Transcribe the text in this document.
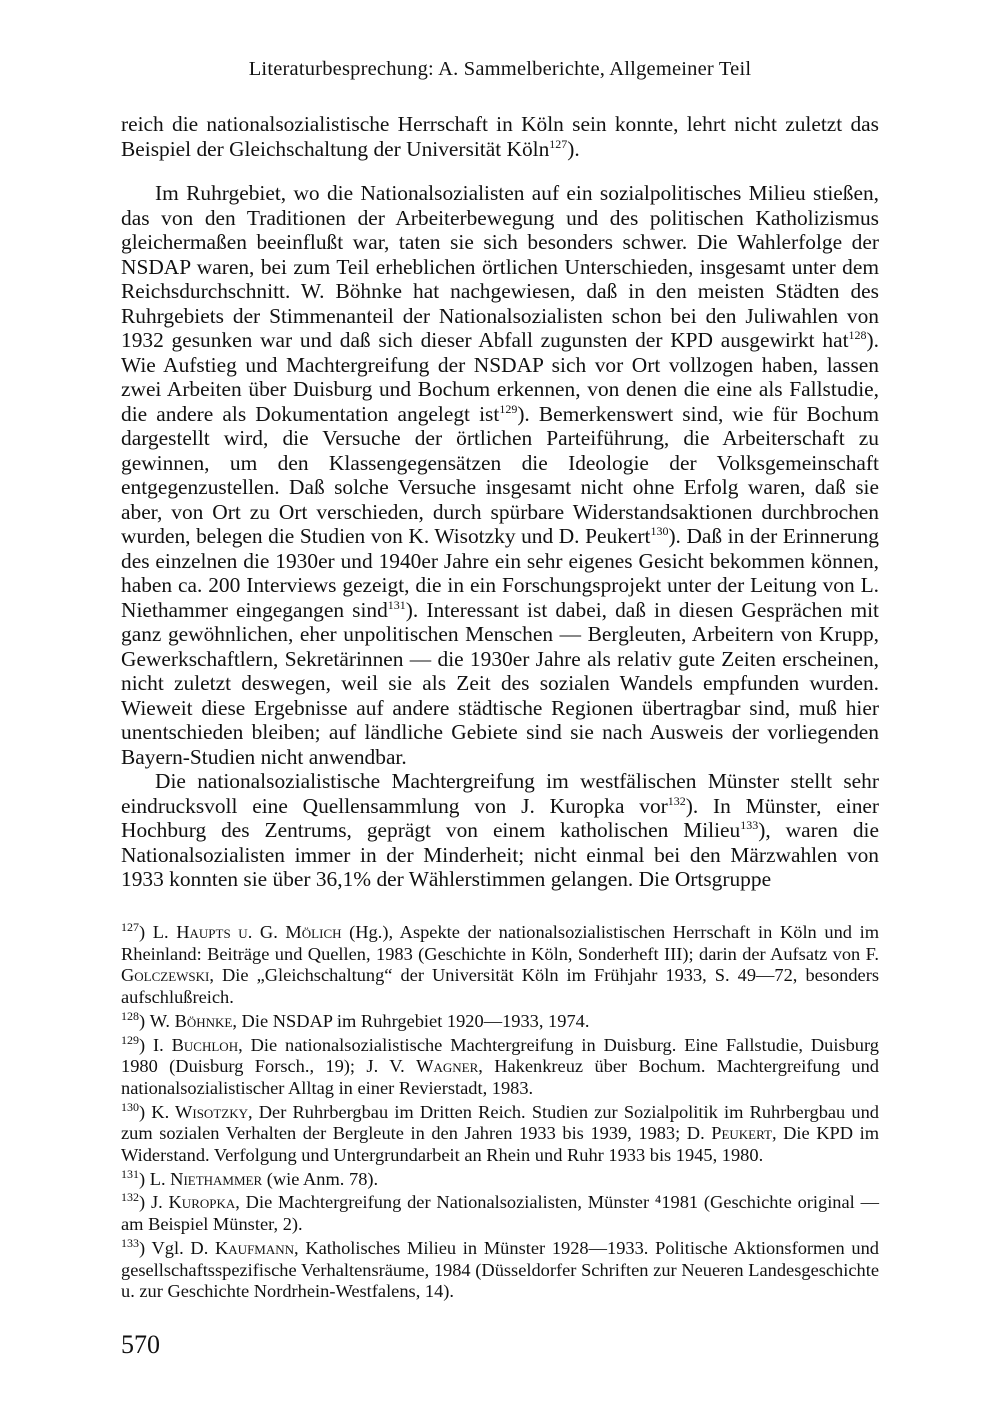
Literaturbesprechung: A. Sammelberichte, Allgemeiner Teil

reich die nationalsozialistische Herrschaft in Köln sein konnte, lehrt nicht zuletzt das Beispiel der Gleichschaltung der Universität Köln$^{127}$).

Im Ruhrgebiet, wo die Nationalsozialisten auf ein sozialpolitisches Milieu stießen, das von den Traditionen der Arbeiterbewegung und des politischen Katholizismus gleichermaßen beeinflußt war, taten sie sich besonders schwer. Die Wahlerfolge der NSDAP waren, bei zum Teil erheblichen örtlichen Unterschieden, insgesamt unter dem Reichsdurchschnitt. W. Böhnke hat nachgewiesen, daß in den meisten Städten des Ruhrgebiets der Stimmenanteil der Nationalsozialisten schon bei den Juliwahlen von 1932 gesunken war und daß sich dieser Abfall zugunsten der KPD ausgewirkt hat$^{128}$). Wie Aufstieg und Machtergreifung der NSDAP sich vor Ort vollzogen haben, lassen zwei Arbeiten über Duisburg und Bochum erkennen, von denen die eine als Fallstudie, die andere als Dokumentation angelegt ist$^{129}$). Bemerkenswert sind, wie für Bochum dargestellt wird, die Versuche der örtlichen Parteiführung, die Arbeiterschaft zu gewinnen, um den Klassengegensätzen die Ideologie der Volksgemeinschaft entgegenzustellen. Daß solche Versuche insgesamt nicht ohne Erfolg waren, daß sie aber, von Ort zu Ort verschieden, durch spürbare Widerstandsaktionen durchbrochen wurden, belegen die Studien von K. Wisotzky und D. Peukert$^{130}$). Daß in der Erinnerung des einzelnen die 1930er und 1940er Jahre ein sehr eigenes Gesicht bekommen können, haben ca. 200 Interviews gezeigt, die in ein Forschungsprojekt unter der Leitung von L. Niethammer eingegangen sind$^{131}$). Interessant ist dabei, daß in diesen Gesprächen mit ganz gewöhnlichen, eher unpolitischen Menschen — Bergleuten, Arbeitern von Krupp, Gewerkschaftlern, Sekretärinnen — die 1930er Jahre als relativ gute Zeiten erscheinen, nicht zuletzt deswegen, weil sie als Zeit des sozialen Wandels empfunden wurden. Wieweit diese Ergebnisse auf andere städtische Regionen übertragbar sind, muß hier unentschieden bleiben; auf ländliche Gebiete sind sie nach Ausweis der vorliegenden Bayern-Studien nicht anwendbar.

Die nationalsozialistische Machtergreifung im westfälischen Münster stellt sehr eindrucksvoll eine Quellensammlung von J. Kuropka vor$^{132}$). In Münster, einer Hochburg des Zentrums, geprägt von einem katholischen Milieu$^{133}$), waren die Nationalsozialisten immer in der Minderheit; nicht einmal bei den Märzwahlen von 1933 konnten sie über 36,1% der Wählerstimmen gelangen. Die Ortsgruppe

$^{127}$) L. Haupts u. G. Mölich (Hg.), Aspekte der nationalsozialistischen Herrschaft in Köln und im Rheinland: Beiträge und Quellen, 1983 (Geschichte in Köln, Sonderheft III); darin der Aufsatz von F. Golczewski, Die „Gleichschaltung“ der Universität Köln im Frühjahr 1933, S. 49—72, besonders aufschlußreich.

$^{128}$) W. Böhnke, Die NSDAP im Ruhrgebiet 1920—1933, 1974.

$^{129}$) I. Buchloh, Die nationalsozialistische Machtergreifung in Duisburg. Eine Fallstudie, Duisburg 1980 (Duisburg Forsch., 19); J. V. Wagner, Hakenkreuz über Bochum. Machtergreifung und nationalsozialistischer Alltag in einer Revierstadt, 1983.

$^{130}$) K. Wisotzky, Der Ruhrbergbau im Dritten Reich. Studien zur Sozialpolitik im Ruhrbergbau und zum sozialen Verhalten der Bergleute in den Jahren 1933 bis 1939, 1983; D. Peukert, Die KPD im Widerstand. Verfolgung und Untergrundarbeit an Rhein und Ruhr 1933 bis 1945, 1980.

$^{131}$) L. Niethammer (wie Anm. 78).

$^{132}$) J. Kuropka, Die Machtergreifung der Nationalsozialisten, Münster ⁴1981 (Geschichte original — am Beispiel Münster, 2).

$^{133}$) Vgl. D. Kaufmann, Katholisches Milieu in Münster 1928—1933. Politische Aktionsformen und gesellschaftsspezifische Verhaltensräume, 1984 (Düsseldorfer Schriften zur Neueren Landesgeschichte u. zur Geschichte Nordrhein-Westfalens, 14).

570
